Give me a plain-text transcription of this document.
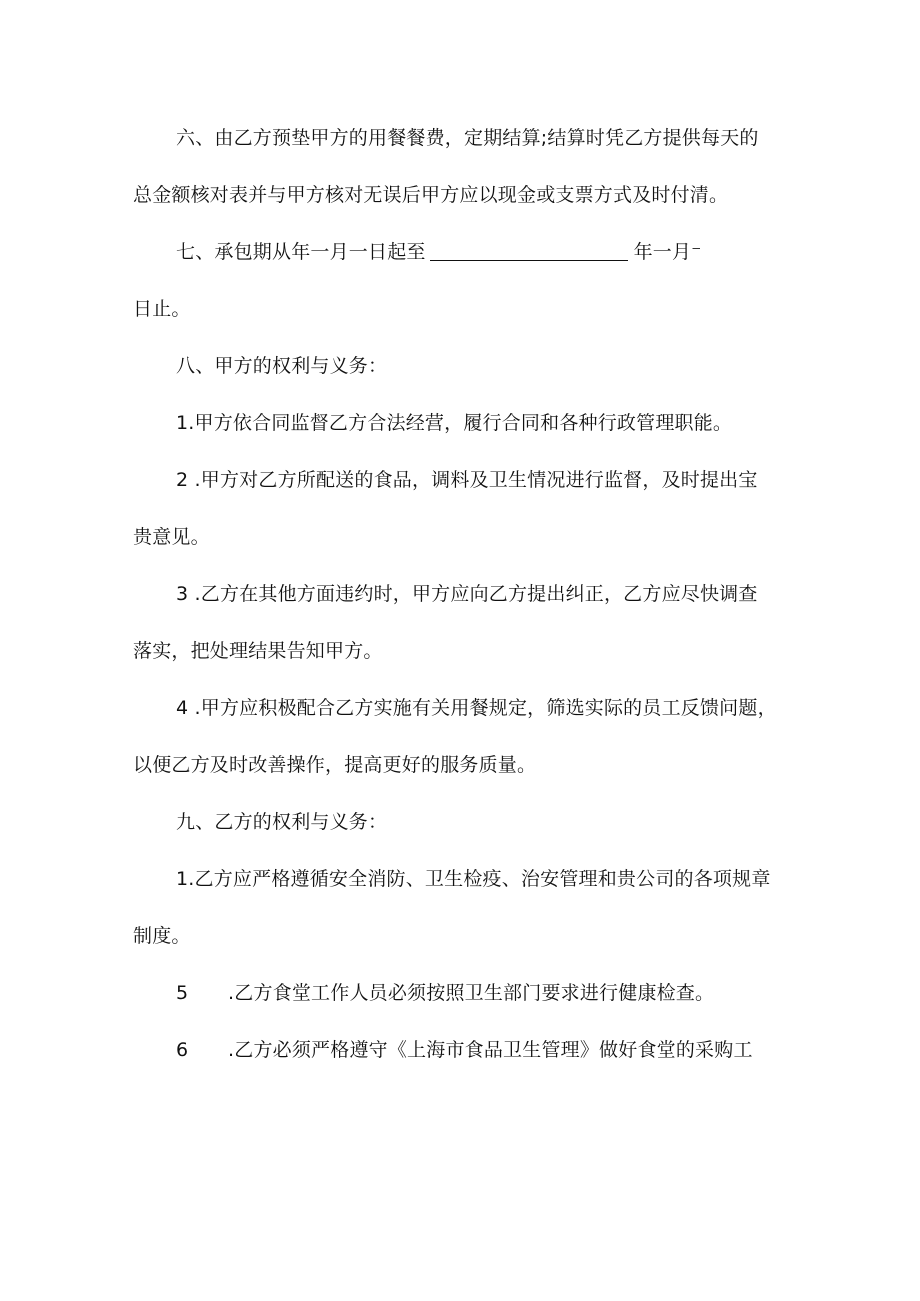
六、由乙方预垫甲方的用餐餐费，定期结算;结算时凭乙方提供每天的
总金额核对表并与甲方核对无误后甲方应以现金或支票方式及时付清。
七、承包期从年一月一日起至	年一月⁻
日止。
八、甲方的权利与义务：
1.甲方依合同监督乙方合法经营，履行合同和各种行政管理职能。
2 .甲方对乙方所配送的食品，调料及卫生情况进行监督，及时提出宝
贵意见。
3 .乙方在其他方面违约时，甲方应向乙方提出纠正，乙方应尽快调查
落实，把处理结果告知甲方。
4 .甲方应积极配合乙方实施有关用餐规定，筛选实际的员工反馈问题，
以便乙方及时改善操作，提高更好的服务质量。
九、乙方的权利与义务：
1.乙方应严格遵循安全消防、卫生检疫、治安管理和贵公司的各项规章
制度。
5 .乙方食堂工作人员必须按照卫生部门要求进行健康检查。
6 .乙方必须严格遵守《上海市食品卫生管理》做好食堂的采购工
